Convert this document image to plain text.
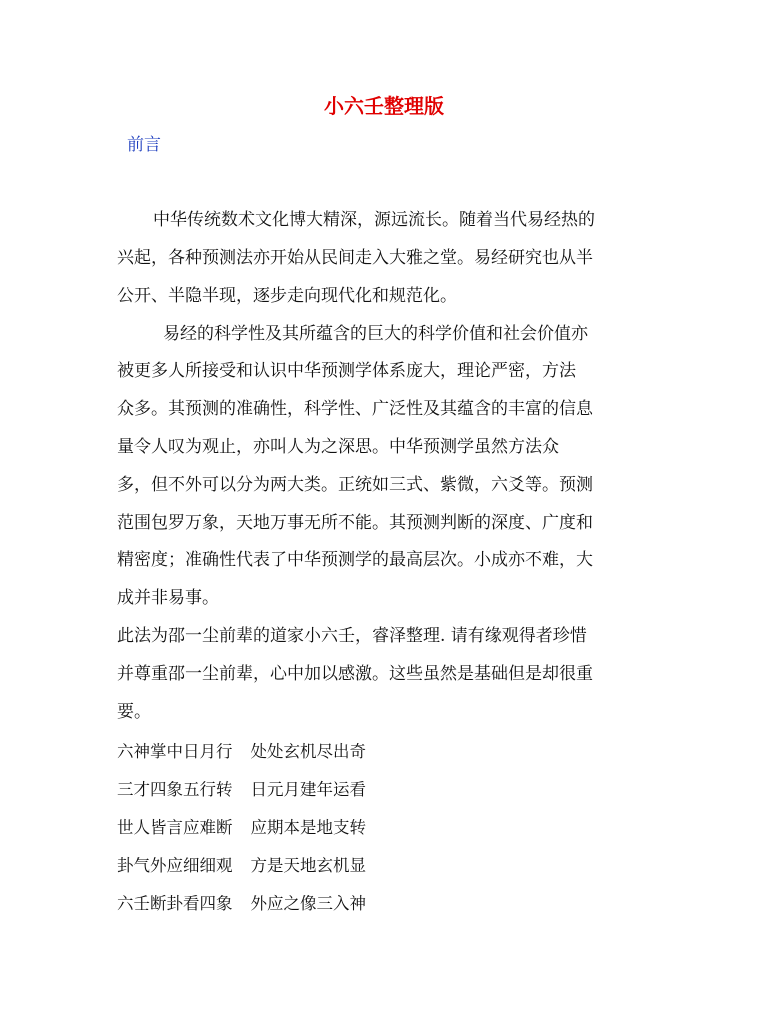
小六壬整理版
前言
中华传统数术文化博大精深，源远流长。随着当代易经热的
兴起，各种预测法亦开始从民间走入大雅之堂。易经研究也从半
公开、半隐半现，逐步走向现代化和规范化。
易经的科学性及其所蕴含的巨大的科学价值和社会价值亦
被更多人所接受和认识中华预测学体系庞大，理论严密，方法
众多。其预测的准确性，科学性、广泛性及其蕴含的丰富的信息
量令人叹为观止，亦叫人为之深思。中华预测学虽然方法众
多，但不外可以分为两大类。正统如三式、紫微，六爻等。预测
范围包罗万象，天地万事无所不能。其预测判断的深度、广度和
精密度；准确性代表了中华预测学的最高层次。小成亦不难，大
成并非易事。
此法为邵一尘前辈的道家小六壬，睿泽整理. 请有缘观得者珍惜
并尊重邵一尘前辈，心中加以感激。这些虽然是基础但是却很重
要。
六神掌中日月行 处处玄机尽出奇
三才四象五行转 日元月建年运看
世人皆言应难断 应期本是地支转
卦气外应细细观 方是天地玄机显
六壬断卦看四象 外应之像三入神
